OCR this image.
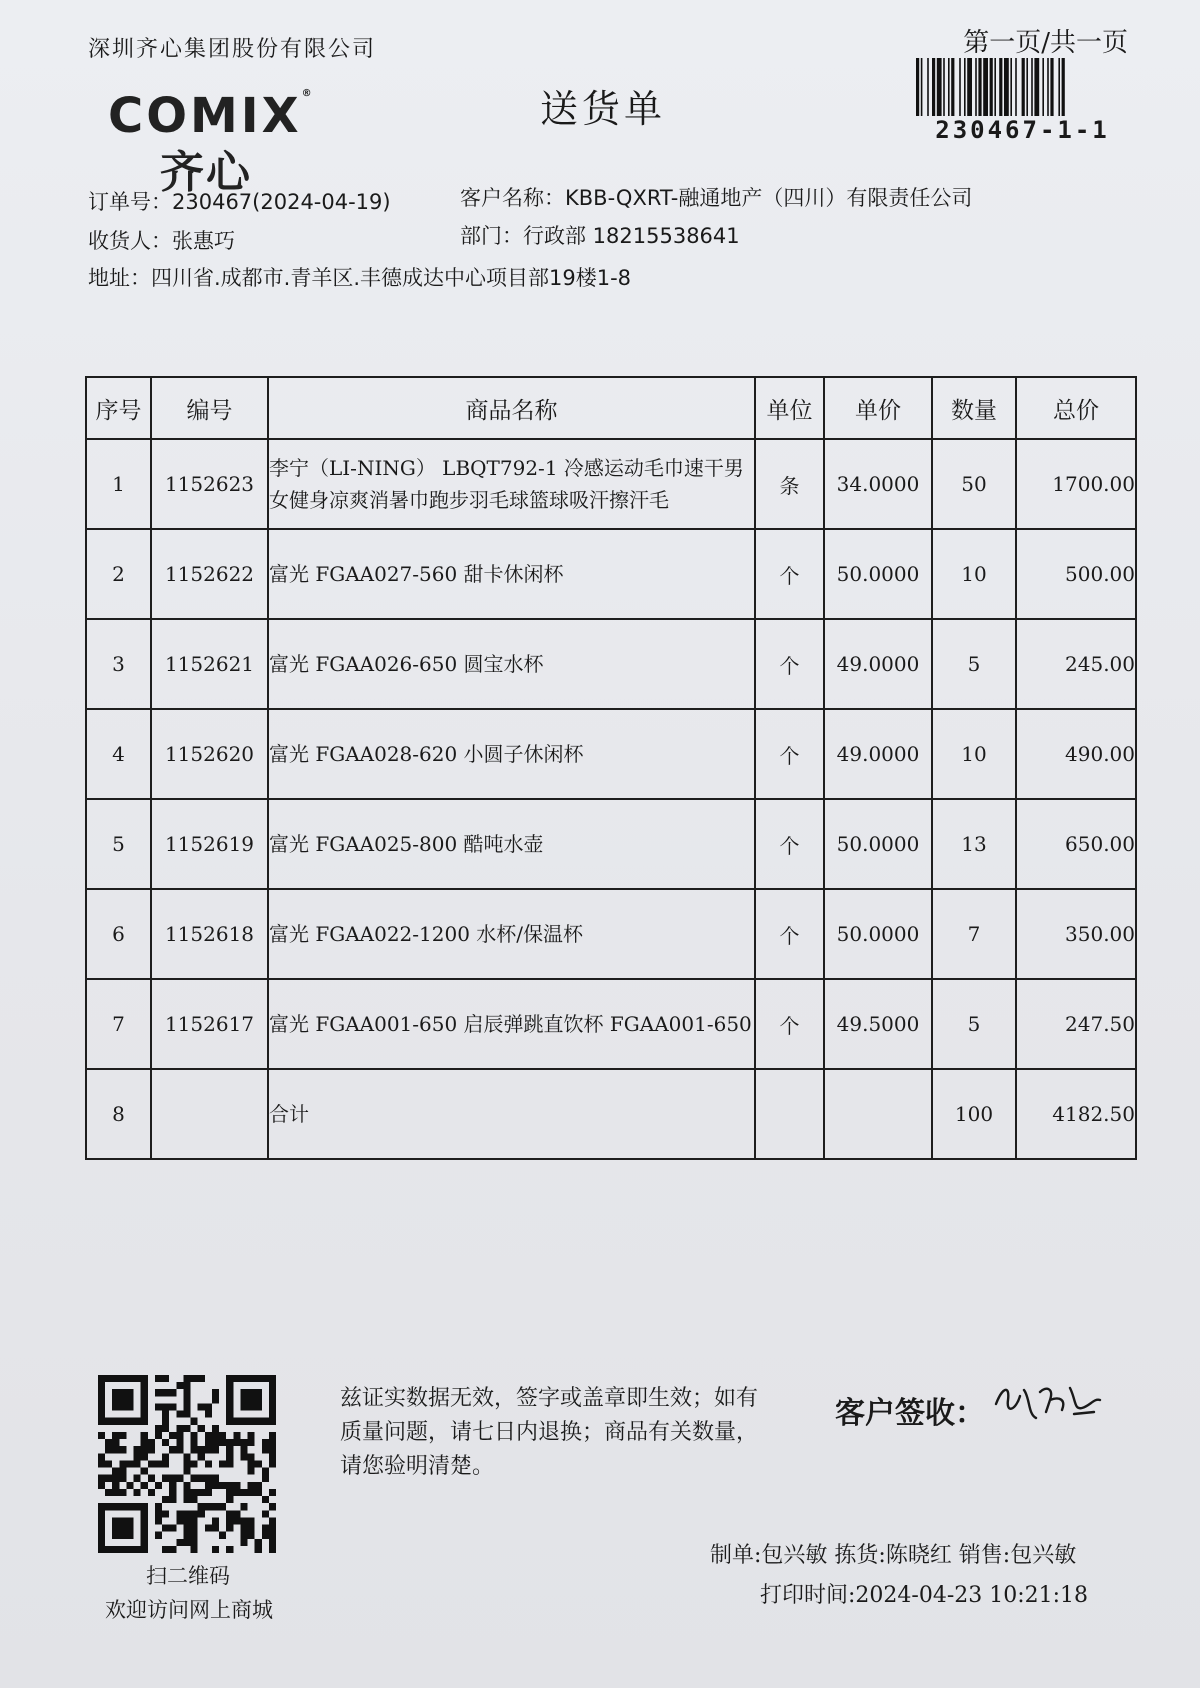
深圳齐心集团股份有限公司
COMIX®
齐心
送货单
第一页/共一页
230467-1-1
订单号：230467(2024-04-19)	客户名称：KBB-QXRT-融通地产（四川）有限责任公司
收货人：张惠巧	部门：行政部 18215538641
地址：四川省.成都市.青羊区.丰德成达中心项目部19楼1-8
序号	编号	商品名称	单位	单价	数量	总价
1	1152623	李宁（LI-NING） LBQT792-1 冷感运动毛巾速干男女健身凉爽消暑巾跑步羽毛球篮球吸汗擦汗毛	条	34.0000	50	1700.00
2	1152622	富光 FGAA027-560 甜卡休闲杯	个	50.0000	10	500.00
3	1152621	富光 FGAA026-650 圆宝水杯	个	49.0000	5	245.00
4	1152620	富光 FGAA028-620 小圆子休闲杯	个	49.0000	10	490.00
5	1152619	富光 FGAA025-800 酷吨水壶	个	50.0000	13	650.00
6	1152618	富光 FGAA022-1200 水杯/保温杯	个	50.0000	7	350.00
7	1152617	富光 FGAA001-650 启辰弹跳直饮杯 FGAA001-650	个	49.5000	5	247.50
8		合计			100	4182.50
扫二维码
欢迎访问网上商城
兹证实数据无效，签字或盖章即生效；如有质量问题，请七日内退换；商品有关数量，请您验明清楚。
客户签收：
制单:包兴敏 拣货:陈晓红 销售:包兴敏
打印时间:2024-04-23 10:21:18
